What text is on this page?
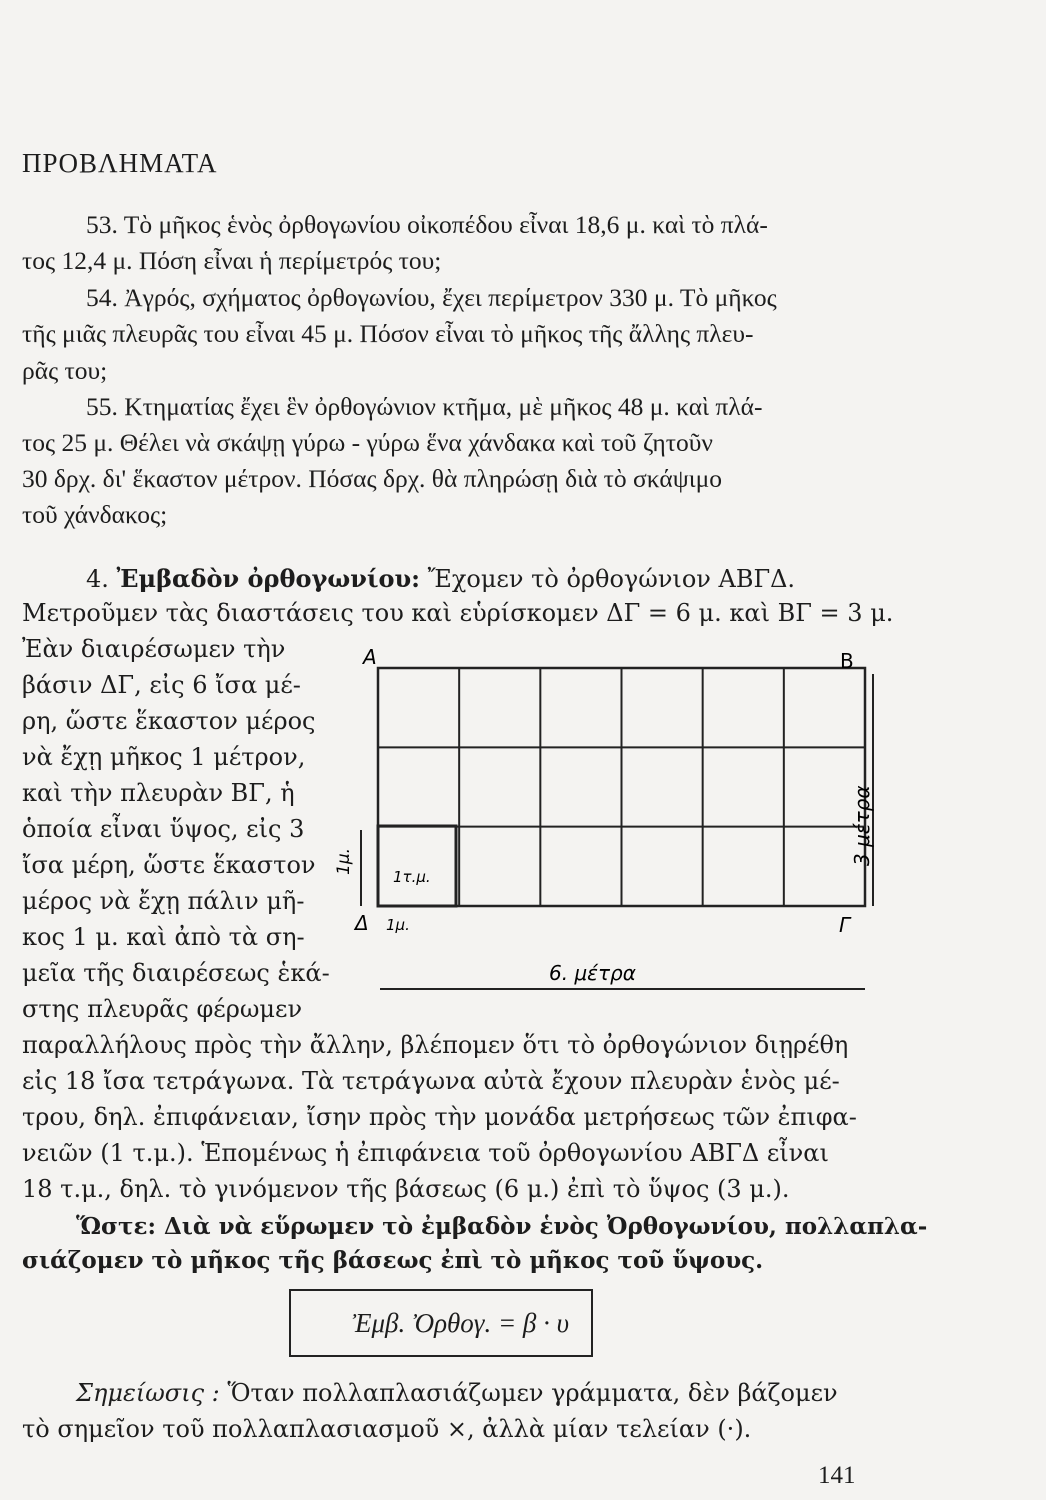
ΠΡΟΒΛΗΜΑΤΑ
53. Τὸ μῆκος ἑνὸς ὀρθογωνίου οἰκοπέδου εἶναι 18,6 μ. καὶ τὸ πλά-
τος 12,4 μ. Πόση εἶναι ἡ περίμετρός του;
54. Ἀγρός, σχήματος ὀρθογωνίου, ἔχει περίμετρον 330 μ. Τὸ μῆκος
τῆς μιᾶς πλευρᾶς του εἶναι 45 μ. Πόσον εἶναι τὸ μῆκος τῆς ἄλλης πλευ-
ρᾶς του;
55. Κτηματίας ἔχει ἓν ὀρθογώνιον κτῆμα, μὲ μῆκος 48 μ. καὶ πλά-
τος 25 μ. Θέλει νὰ σκάψῃ γύρω - γύρω ἕνα χάνδακα καὶ τοῦ ζητοῦν
30 δρχ. δι' ἕκαστον μέτρον. Πόσας δρχ. θὰ πληρώσῃ διὰ τὸ σκάψιμο
τοῦ χάνδακος;
4. Ἐμβαδὸν ὀρθογωνίου: Ἔχομεν τὸ ὀρθογώνιον ΑΒΓΔ.
Μετροῦμεν τὰς διαστάσεις του καὶ εὑρίσκομεν ΔΓ = 6 μ. καὶ ΒΓ = 3 μ.
Ἐὰν διαιρέσωμεν τὴν
βάσιν ΔΓ, εἰς 6 ἴσα μέ-
ρη, ὥστε ἕκαστον μέρος
νὰ ἔχῃ μῆκος 1 μέτρον,
καὶ τὴν πλευρὰν ΒΓ, ἡ
ὁποία εἶναι ὕψος, εἰς 3
ἴσα μέρη, ὥστε ἕκαστον
μέρος νὰ ἔχῃ πάλιν μῆ-
κος 1 μ. καὶ ἀπὸ τὰ ση-
μεῖα τῆς διαιρέσεως ἑκά-
στης πλευρᾶς φέρωμεν
παραλλήλους πρὸς τὴν ἄλλην, βλέπομεν ὅτι τὸ ὀρθογώνιον διῃρέθη
εἰς 18 ἴσα τετράγωνα. Τὰ τετράγωνα αὐτὰ ἔχουν πλευρὰν ἑνὸς μέ-
τρου, δηλ. ἐπιφάνειαν, ἴσην πρὸς τὴν μονάδα μετρήσεως τῶν ἐπιφα-
νειῶν (1 τ.μ.). Ἑπομένως ἡ ἐπιφάνεια τοῦ ὀρθογωνίου ΑΒΓΔ εἶναι
18 τ.μ., δηλ. τὸ γινόμενον τῆς βάσεως (6 μ.) ἐπὶ τὸ ὕψος (3 μ.).
Ὥστε: Διὰ νὰ εὕρωμεν τὸ ἐμβαδὸν ἑνὸς Ὀρθογωνίου, πολλαπλα-
σιάζομεν τὸ μῆκος τῆς βάσεως ἐπὶ τὸ μῆκος τοῦ ὕψους.
Ἐμβ. Ὀρθογ. = β · υ
Σημείωσις : Ὅταν πολλαπλασιάζωμεν γράμματα, δὲν βάζομεν
τὸ σημεῖον τοῦ πολλαπλασιασμοῦ ×, ἀλλὰ μίαν τελείαν (·).
141
Α	Β
Γ
Δ
1τ.μ.
1μ.
1μ.	3 μέτρα
6. μέτρα
